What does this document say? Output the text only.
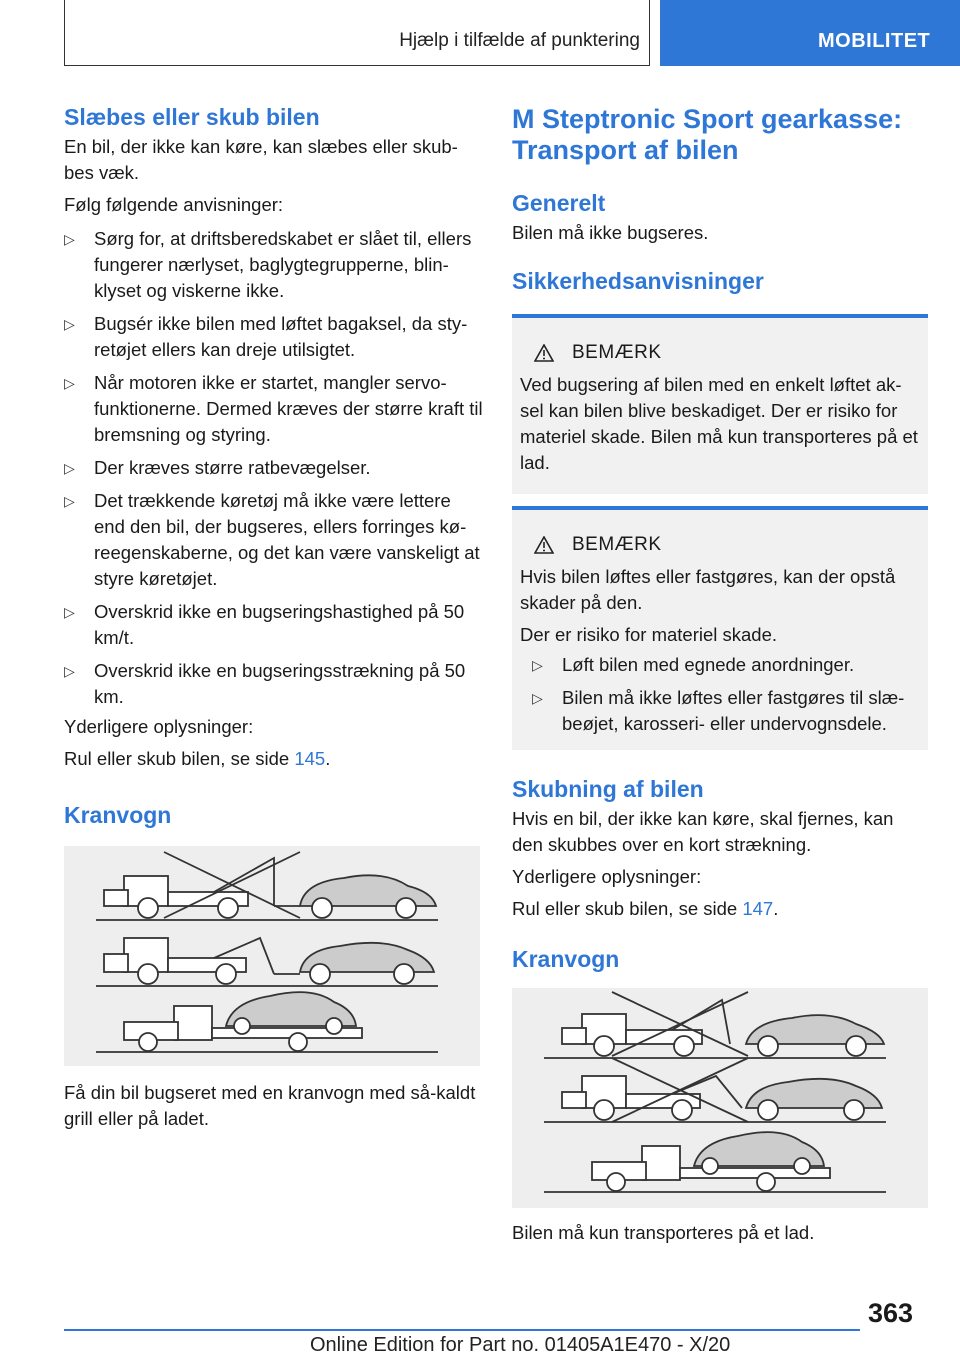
Hjælp i tilfælde af punktering	MOBILITET
Slæbes eller skub bilen

En bil, der ikke kan køre, kan slæbes eller skub-bes væk.

Følg følgende anvisninger:

▷ Sørg for, at driftsberedskabet er slået til, ellers fungerer nærlyset, baglygtegrupperne, blin-klyset og viskerne ikke.
▷ Bugsér ikke bilen med løftet bagaksel, da sty-retøjet ellers kan dreje utilsigtet.
▷ Når motoren ikke er startet, mangler servo-funktionerne. Dermed kræves der større kraft til bremsning og styring.
▷ Der kræves større ratbevægelser.
▷ Det trækkende køretøj må ikke være lettere end den bil, der bugseres, ellers forringes kø-reegenskaberne, og det kan være vanskeligt at styre køretøjet.
▷ Overskrid ikke en bugseringshastighed på 50 km/t.
▷ Overskrid ikke en bugseringsstrækning på 50 km.

Yderligere oplysninger:

Rul eller skub bilen, se side 145.

Kranvogn

Få din bil bugseret med en kranvogn med så-kaldt grill eller på ladet.

M Steptronic Sport gearkasse: Transport af bilen
Generelt

Bilen må ikke bugseres.

Sikkerhedsanvisninger
BEMÆRK

Ved bugsering af bilen med en enkelt løftet ak-sel kan bilen blive beskadiget. Der er risiko for materiel skade. Bilen må kun transporteres på et lad.

BEMÆRK

Hvis bilen løftes eller fastgøres, kan der opstå skader på den.

Der er risiko for materiel skade.

▷ Løft bilen med egnede anordninger.
▷ Bilen må ikke løftes eller fastgøres til slæ-beøjet, karosseri- eller undervognsdele.
Skubning af bilen

Hvis en bil, der ikke kan køre, skal fjernes, kan den skubbes over en kort strækning.

Yderligere oplysninger:

Rul eller skub bilen, se side 147.

Kranvogn

Bilen må kun transporteres på et lad.

363
Online Edition for Part no. 01405A1E470 - X/20
